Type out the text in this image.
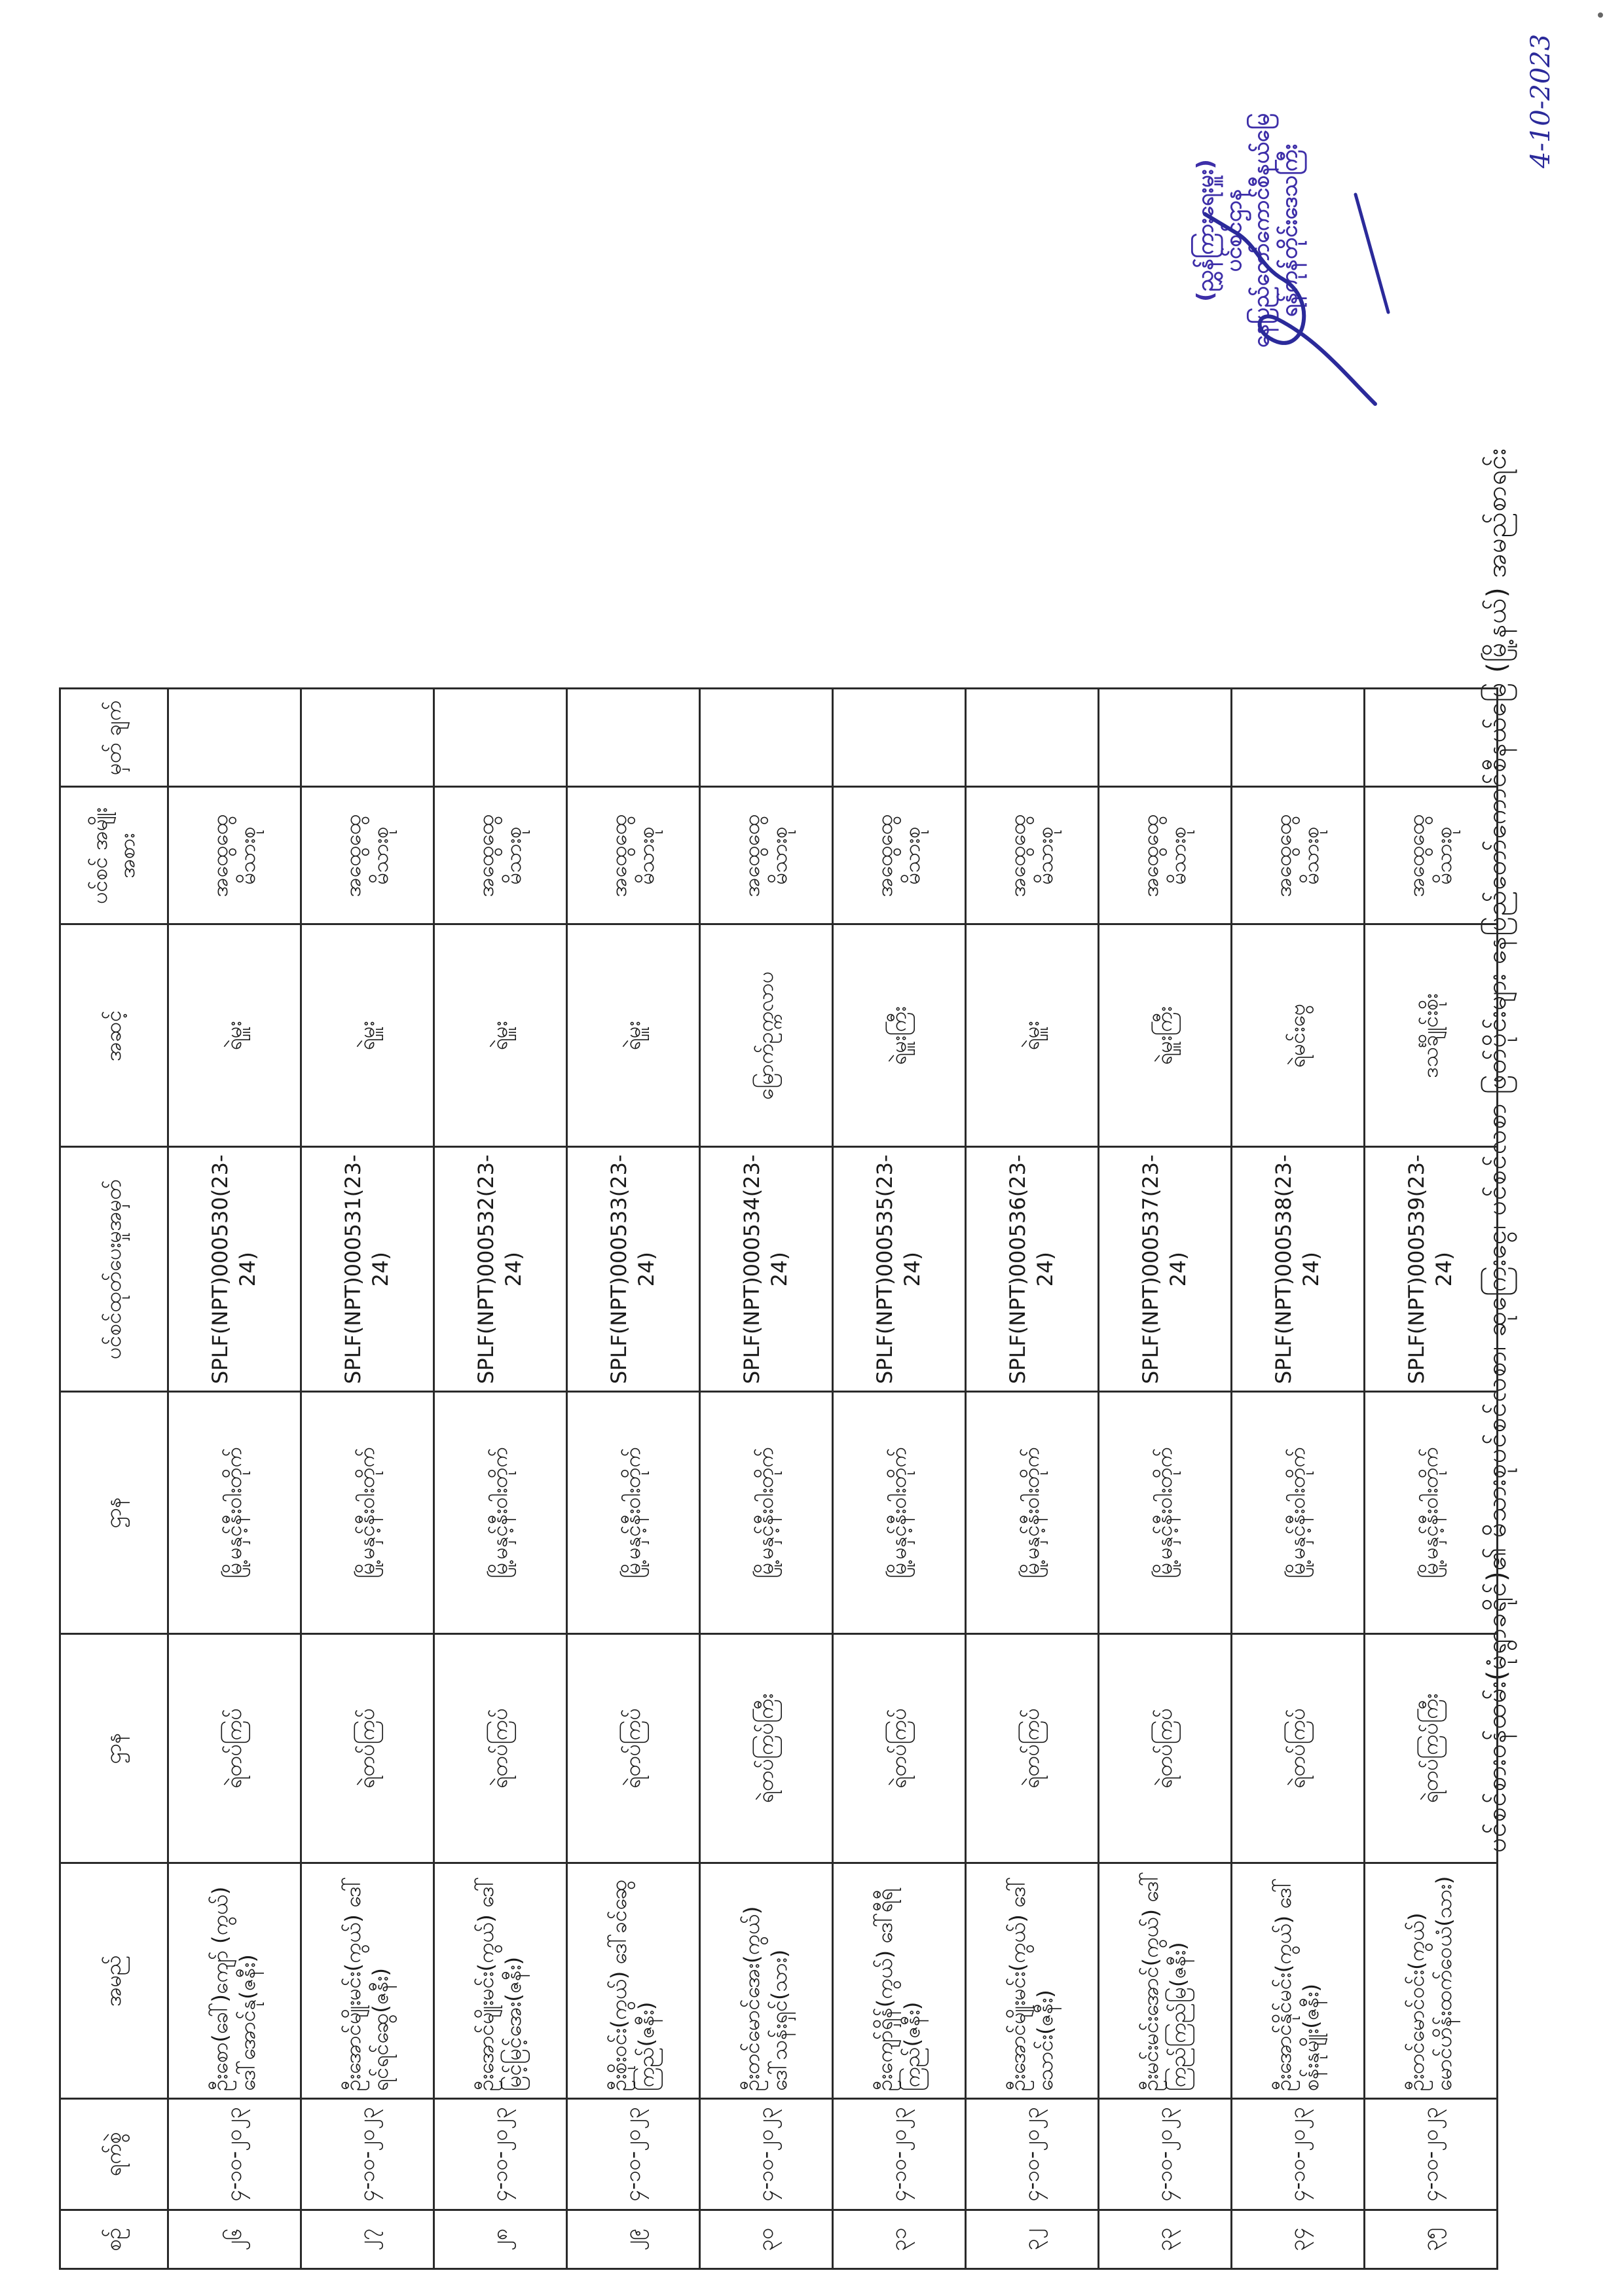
ပင်စင်စားဝန်ထမ်း(မုံရွာခရိုင်)၏ မိသားစုပင်စင်လစာ၊ ဆုကြေးငွေ၊ ပင်စင်လစာ ဖြတ်ပိုင်းများ နေပြည်တော်ကောင်စီနယ်မြေ (မြို့နယ်) အမည်စာရင်း
စဉ်	ရက်စွဲ	အမည်	ဌာန	ဌာန	ပင်စင်ထုတ်ပေးမှုအမှတ်	အဆင့်	ပင်စင် အမျိုးအစား	မှတ် ချက်
၂၆	၄-၁၀-၂၀၂၃	ဦးစော(ခေါ်)ကျော် (ကွယ်) ဒေါ်အောင်နု(ဇနီး)	ရဲတပ်ကြပ်	မြို့မနှင့်နီးဝါးတိုက်	SPLF(NPT)000530(23-24)	ရဲမှူး	အထွေထွေ မိသားစု	
၂၇	၄-၁၀-၂၀၂၃	ဦးအောင်မျိုးမင်း(ကွယ်) ဒေါ်ရင်ရင်ဆွေ(ဇနီး)	ရဲတပ်ကြပ်	မြို့မနှင့်နီးဝါးတိုက်	SPLF(NPT)000531(23-24)	ရဲမှူး	အထွေထွေ မိသားစု	
၂၈	၄-၁၀-၂၀၂၃	ဦးအောင်မျိုးမင်း(ကွယ်) ဒေါ်မြင့်မြင့်အေး(ဇနီး)	ရဲတပ်ကြပ်	မြို့မနှင့်နီးဝါးတိုက်	SPLF(NPT)000532(23-24)	ရဲမှူး	အထွေထွေ မိသားစု	
၂၉	၄-၁၀-၂၀၂၃	ဦးစိုးဝင်း(ကွယ်) ဒေါ်ခင်ဆွေကြည်(ဇနီး)	ရဲတပ်ကြပ်	မြို့မနှင့်နီးဝါးတိုက်	SPLF(NPT)000533(23-24)	ရဲမှူး	အထွေထွေ မိသားစု	
၃၀	၄-၁၀-၂၀၂၃	ဦးတင်မောင်အေး(ကွယ်) ဒေါ်သန်းရှင်(သား)	ရဲတပ်ကြပ်ကြီး	မြို့မနှင့်နီးဝါးတိုက်	SPLF(NPT)000534(23-24)	မြောက်ဥက္ကလာပ	အထွေထွေ မိသားစု	
၃၁	၄-၁၀-၂၀၂၃	ဦးကျော်ရှိန်(ကွယ်) ဒေါ်ရီရီကြည်(ဇနီး)	ရဲတပ်ကြပ်	မြို့မနှင့်နီးဝါးတိုက်	SPLF(NPT)000535(23-24)	ရဲမှူးကြီး	အထွေထွေ မိသားစု	
၃၂	၄-၁၀-၂၀၂၃	ဦးအောင်မျိုးမင်း(ကွယ်) ဒေါ်သောင်း(ဇနီး)	ရဲတပ်ကြပ်	မြို့မနှင့်နီးဝါးတိုက်	SPLF(NPT)000536(23-24)	ရဲမှူး	အထွေထွေ မိသားစု	
၃၃	၄-၁၀-၂၀၂၃	ဦးမင်းမင်းအောင်(ကွယ်) ဒေါ်ကြည်ကြည်မြ(ဇနီး)	ရဲတပ်ကြပ်	မြို့မနှင့်နီးဝါးတိုက်	SPLF(NPT)000537(23-24)	ရဲမှူးကြီး	အထွေထွေ မိသားစု	
၃၄	၄-၁၀-၂၀၂၃	ဦးအောင်နိုင်မင်း(ကွယ်) ဒေါ်စန်းနုမျိုး(ဇနီး)	ရဲတပ်ကြပ်	မြို့မနှင့်နီးဝါးတိုက်	SPLF(NPT)000538(23-24)	ရဲမင်းဗွေ	အထွေထွေ မိသားစု	
၃၅	၄-၁၀-၂၀၂၃	ဦးတင်မောင်ဝင်း(ကွယ်) မောင်ဟိန်းထက်ဝေယံ(သား)	ရဲတပ်ကြပ်ကြီး	မြို့မနှင့်နီးဝါးတိုက်	SPLF(NPT)000539(23-24)	ဒသင်္ချိုင်းစိုး	အထွေထွေ မိသားစု	
(ညွှန်ကြားရေးမှူး) ပင်စင်ဌာန နေပြည်တော်ကောင်စီနယ်မြေ ရန်ကုန်တိုင်းဒေသကြီး
4-10-2023
